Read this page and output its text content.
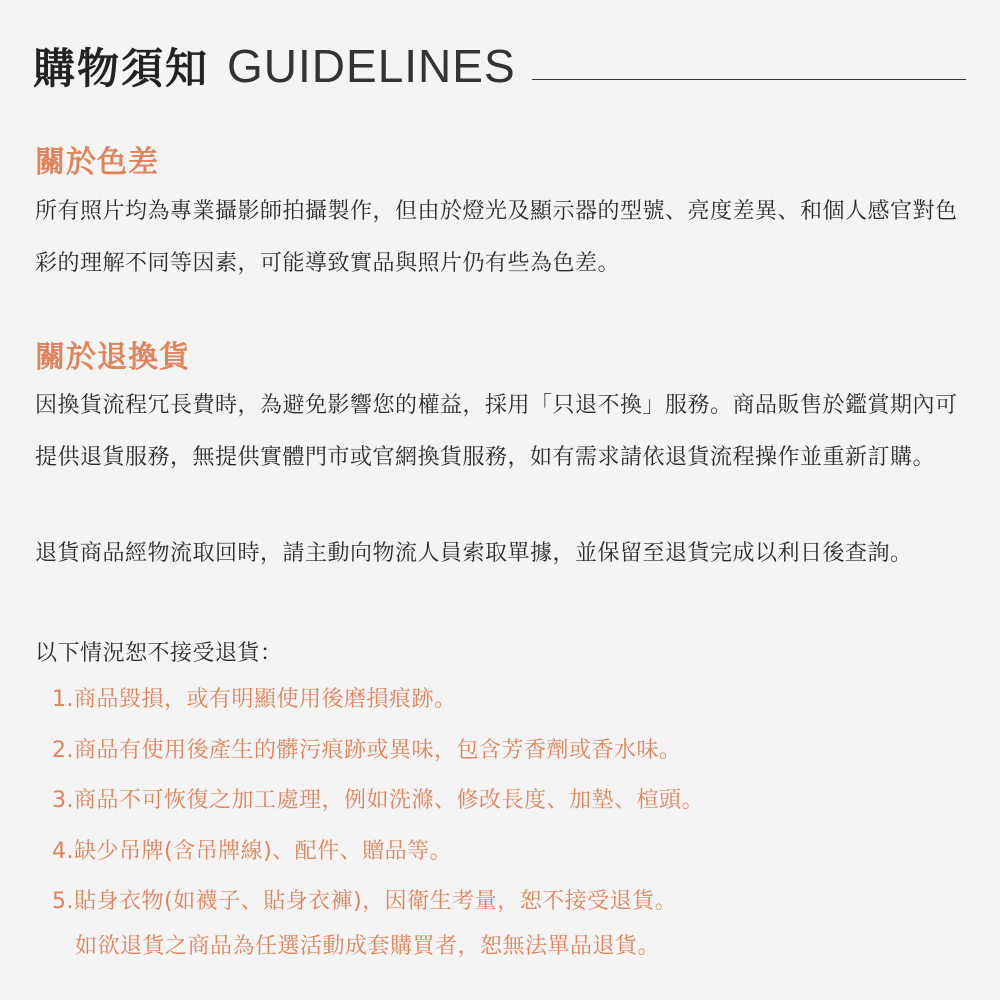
購物須知 GUIDELINES
關於色差
所有照片均為專業攝影師拍攝製作，但由於燈光及顯示器的型號、亮度差異、和個人感官對色彩的理解不同等因素，可能導致實品與照片仍有些為色差。
關於退換貨
因換貨流程冗長費時，為避免影響您的權益，採用「只退不換」服務。商品販售於鑑賞期內可提供退貨服務，無提供實體門市或官網換貨服務，如有需求請依退貨流程操作並重新訂購。
退貨商品經物流取回時，請主動向物流人員索取單據，並保留至退貨完成以利日後查詢。
以下情況恕不接受退貨：
1.商品毀損，或有明顯使用後磨損痕跡。
2.商品有使用後產生的髒污痕跡或異味，包含芳香劑或香水味。
3.商品不可恢復之加工處理，例如洗滌、修改長度、加墊、楦頭。
4.缺少吊牌(含吊牌線)、配件、贈品等。
5.貼身衣物(如襪子、貼身衣褲)，因衛生考量，恕不接受退貨。
如欲退貨之商品為任選活動成套購買者，恕無法單品退貨。
